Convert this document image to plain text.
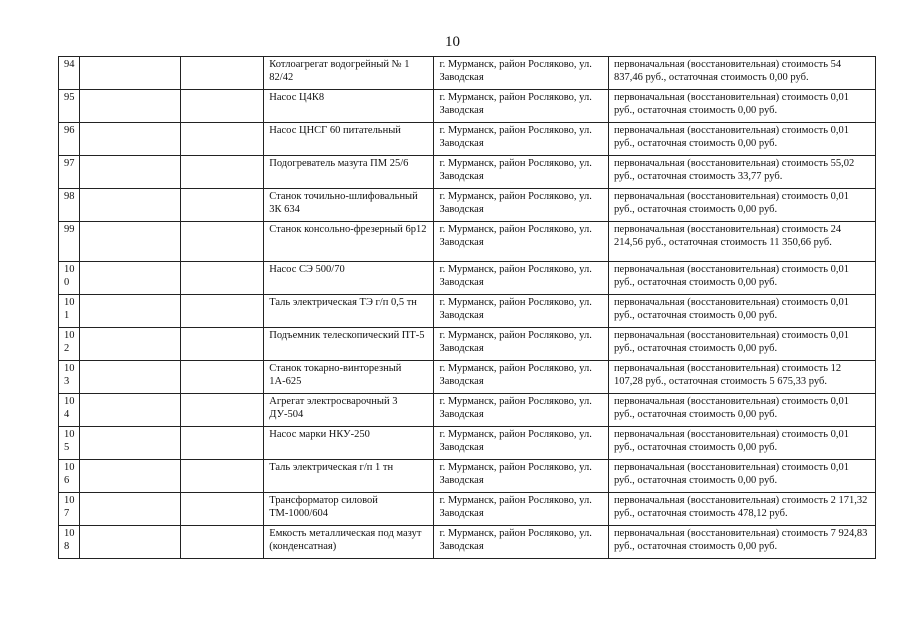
10
94			Котлоагрегат водогрейный № 1 82/42	г. Мурманск, район Росляково, ул. Заводская	первоначальная (восстановительная) стоимость 54 837,46 руб., остаточная стоимость 0,00 руб.
95			Насос Ц4К8	г. Мурманск, район Росляково, ул. Заводская	первоначальная (восстановительная) стоимость 0,01 руб., остаточная стоимость 0,00 руб.
96			Насос ЦНСГ 60 питательный	г. Мурманск, район Росляково, ул. Заводская	первоначальная (восстановительная) стоимость 0,01 руб., остаточная стоимость 0,00 руб.
97			Подогреватель мазута ПМ 25/6	г. Мурманск, район Росляково, ул. Заводская	первоначальная (восстановительная) стоимость 55,02 руб., остаточная стоимость 33,77 руб.
98			Станок точильно-шлифовальный 3К 634	г. Мурманск, район Росляково, ул. Заводская	первоначальная (восстановительная) стоимость 0,01 руб., остаточная стоимость 0,00 руб.
99			Станок консольно-фрезерный 6р12	г. Мурманск, район Росляково, ул. Заводская	первоначальная (восстановительная) стоимость 24 214,56 руб., остаточная стоимость 11 350,66 руб.
100			Насос СЭ 500/70	г. Мурманск, район Росляково, ул. Заводская	первоначальная (восстановительная) стоимость 0,01 руб., остаточная стоимость 0,00 руб.
101			Таль электрическая ТЭ г/п 0,5 тн	г. Мурманск, район Росляково, ул. Заводская	первоначальная (восстановительная) стоимость 0,01 руб., остаточная стоимость 0,00 руб.
102			Подъемник телескопический ПТ-5	г. Мурманск, район Росляково, ул. Заводская	первоначальная (восстановительная) стоимость 0,01 руб., остаточная стоимость 0,00 руб.
103			Станок токарно-винторезный 1А-625	г. Мурманск, район Росляково, ул. Заводская	первоначальная (восстановительная) стоимость 12 107,28 руб., остаточная стоимость 5 675,33 руб.
104			Агрегат электросварочный 3 ДУ-504	г. Мурманск, район Росляково, ул. Заводская	первоначальная (восстановительная) стоимость 0,01 руб., остаточная стоимость 0,00 руб.
105			Насос марки НКУ-250	г. Мурманск, район Росляково, ул. Заводская	первоначальная (восстановительная) стоимость 0,01 руб., остаточная стоимость 0,00 руб.
106			Таль электрическая г/п 1 тн	г. Мурманск, район Росляково, ул. Заводская	первоначальная (восстановительная) стоимость 0,01 руб., остаточная стоимость 0,00 руб.
107			Трансформатор силовой ТМ-1000/604	г. Мурманск, район Росляково, ул. Заводская	первоначальная (восстановительная) стоимость 2 171,32 руб., остаточная стоимость 478,12 руб.
108			Емкость металлическая под мазут (конденсатная)	г. Мурманск, район Росляково, ул. Заводская	первоначальная (восстановительная) стоимость 7 924,83 руб., остаточная стоимость 0,00 руб.
